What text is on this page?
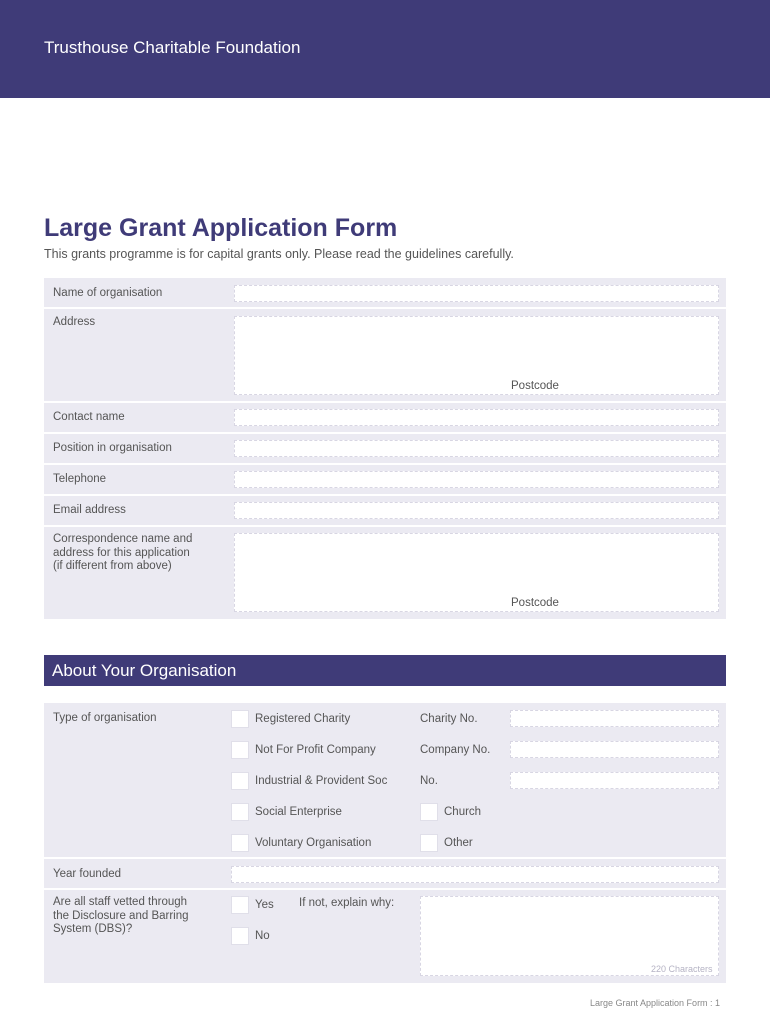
Trusthouse Charitable Foundation
Large Grant Application Form
This grants programme is for capital grants only. Please read the guidelines carefully.
Name of organisation
Address
Postcode
Contact name
Position in organisation
Telephone
Email address
Correspondence name and
address for this application
(if different from above)
Postcode
About Your Organisation
Type of organisation	Registered Charity	Charity No.
Not For Profit Company	Company No.
Industrial & Provident Soc	No.
Social Enterprise	Church
Voluntary Organisation	Other
Year founded
Are all staff vetted through
the Disclosure and Barring
System (DBS)?
Yes If not, explain why:
No
220 Characters
Large Grant Application Form : 1
